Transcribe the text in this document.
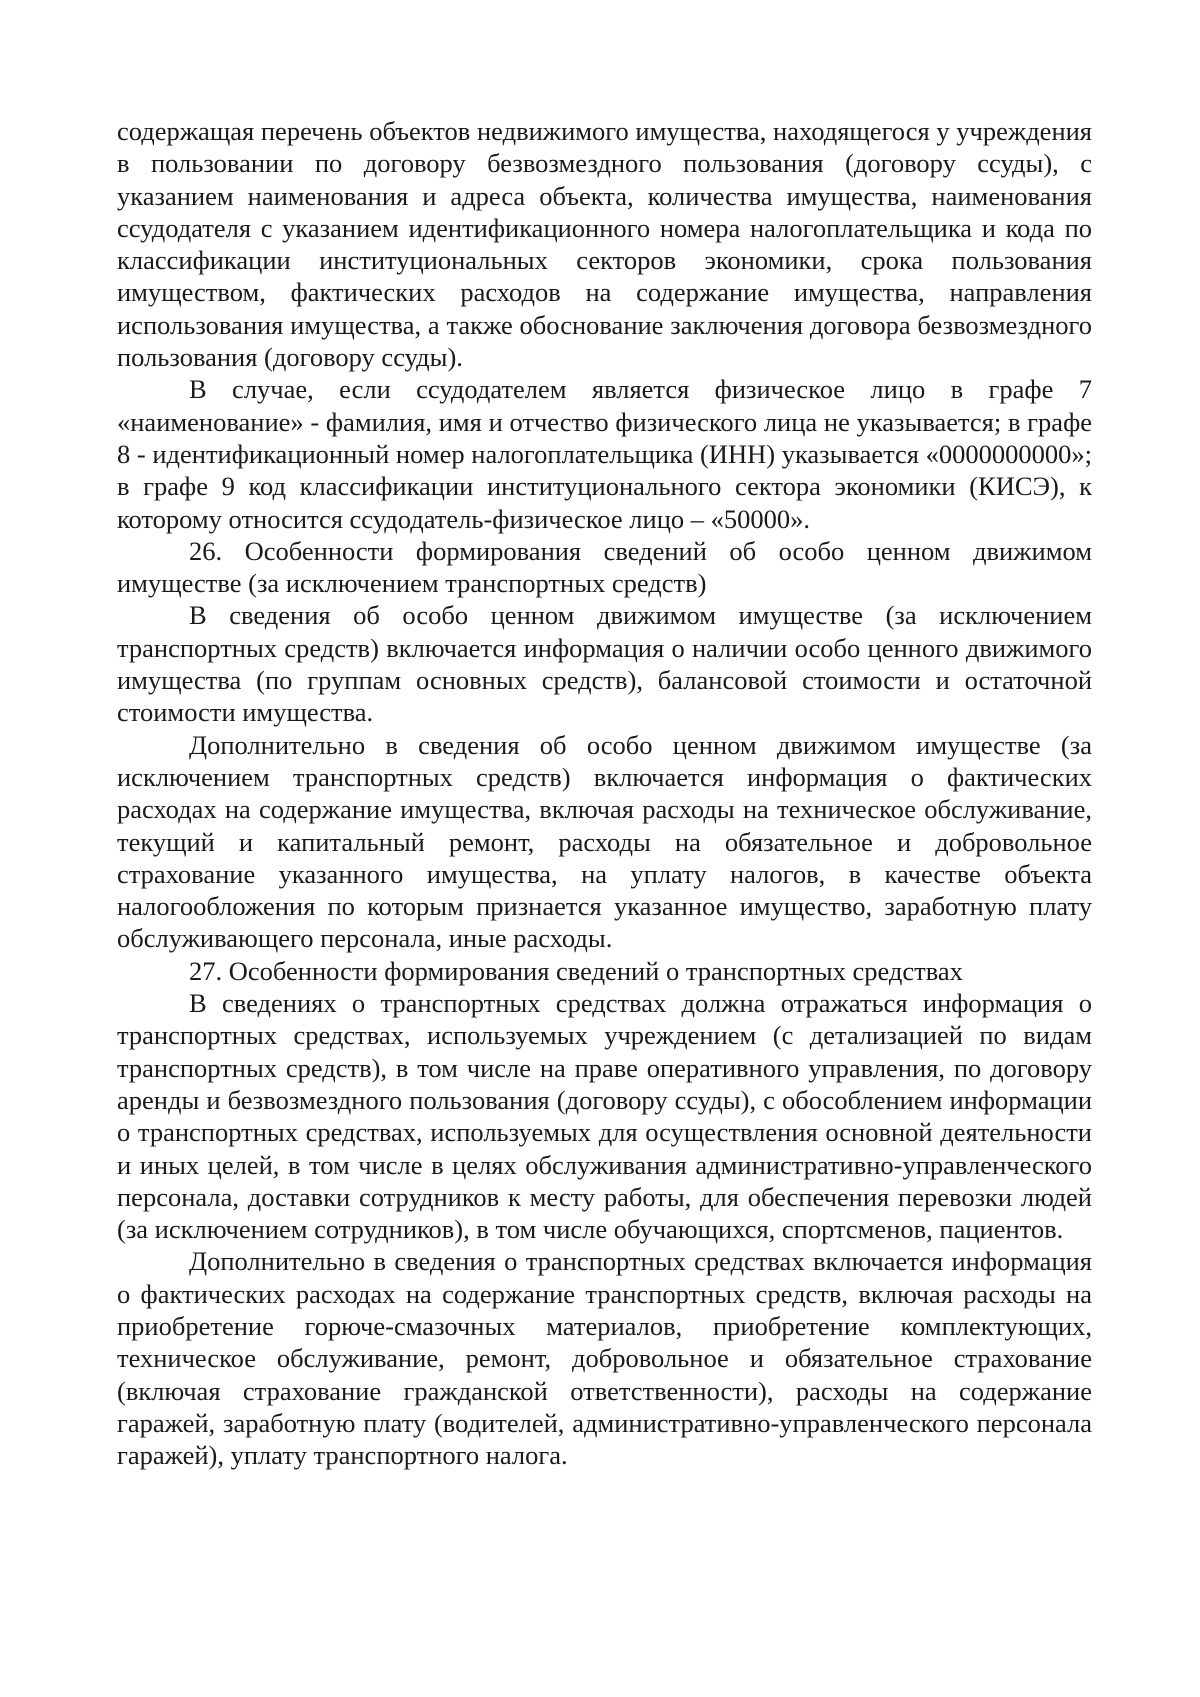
содержащая перечень объектов недвижимого имущества, находящегося у учреждения в пользовании по договору безвозмездного пользования (договору ссуды), с указанием наименования и адреса объекта, количества имущества, наименования ссудодателя с указанием идентификационного номера налогоплательщика и кода по классификации институциональных секторов экономики, срока пользования имуществом, фактических расходов на содержание имущества, направления использования имущества, а также обоснование заключения договора безвозмездного пользования (договору ссуды).

В случае, если ссудодателем является физическое лицо в графе 7 «наименование» - фамилия, имя и отчество физического лица не указывается; в графе 8 - идентификационный номер налогоплательщика (ИНН) указывается «0000000000»; в графе 9 код классификации институционального сектора экономики (КИСЭ), к которому относится ссудодатель-физическое лицо – «50000».

26. Особенности формирования сведений об особо ценном движимом имуществе (за исключением транспортных средств)

В сведения об особо ценном движимом имуществе (за исключением транспортных средств) включается информация о наличии особо ценного движимого имущества (по группам основных средств), балансовой стоимости и остаточной стоимости имущества.

Дополнительно в сведения об особо ценном движимом имуществе (за исключением транспортных средств) включается информация о фактических расходах на содержание имущества, включая расходы на техническое обслуживание, текущий и капитальный ремонт, расходы на обязательное и добровольное страхование указанного имущества, на уплату налогов, в качестве объекта налогообложения по которым признается указанное имущество, заработную плату обслуживающего персонала, иные расходы.

27. Особенности формирования сведений о транспортных средствах

В сведениях о транспортных средствах должна отражаться информация о транспортных средствах, используемых учреждением (с детализацией по видам транспортных средств), в том числе на праве оперативного управления, по договору аренды и безвозмездного пользования (договору ссуды), с обособлением информации о транспортных средствах, используемых для осуществления основной деятельности и иных целей, в том числе в целях обслуживания административно-управленческого персонала, доставки сотрудников к месту работы, для обеспечения перевозки людей (за исключением сотрудников), в том числе обучающихся, спортсменов, пациентов.

Дополнительно в сведения о транспортных средствах включается информация о фактических расходах на содержание транспортных средств, включая расходы на приобретение горюче-смазочных материалов, приобретение комплектующих, техническое обслуживание, ремонт, добровольное и обязательное страхование (включая страхование гражданской ответственности), расходы на содержание гаражей, заработную плату (водителей, административно-управленческого персонала гаражей), уплату транспортного налога.
